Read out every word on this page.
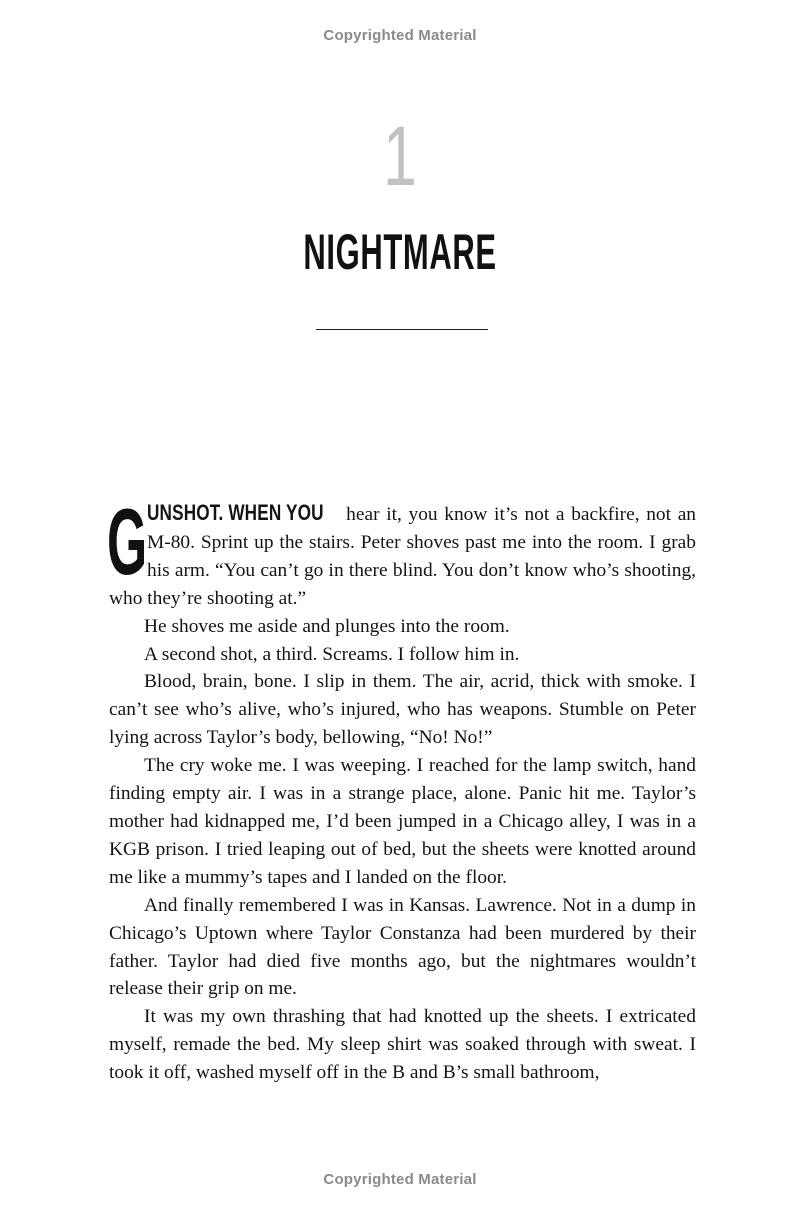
Copyrighted Material
1
NIGHTMARE

G UNSHOT. WHEN YOU hear it, you know it’s not a backfire, not an M-80. Sprint up the stairs. Peter shoves past me into the room. I grab his arm. “You can’t go in there blind. You don’t know who’s shooting, who they’re shooting at.”

He shoves me aside and plunges into the room.

A second shot, a third. Screams. I follow him in.

Blood, brain, bone. I slip in them. The air, acrid, thick with smoke. I can’t see who’s alive, who’s injured, who has weapons. Stumble on Peter lying across Taylor’s body, bellowing, “No! No!”

The cry woke me. I was weeping. I reached for the lamp switch, hand finding empty air. I was in a strange place, alone. Panic hit me. Taylor’s mother had kidnapped me, I’d been jumped in a Chicago alley, I was in a KGB prison. I tried leaping out of bed, but the sheets were knotted around me like a mummy’s tapes and I landed on the floor.

And finally remembered I was in Kansas. Lawrence. Not in a dump in Chicago’s Uptown where Taylor Constanza had been murdered by their father. Taylor had died five months ago, but the nightmares wouldn’t release their grip on me.

It was my own thrashing that had knotted up the sheets. I extricated myself, remade the bed. My sleep shirt was soaked through with sweat. I took it off, washed myself off in the B and B’s small bathroom,

Copyrighted Material
